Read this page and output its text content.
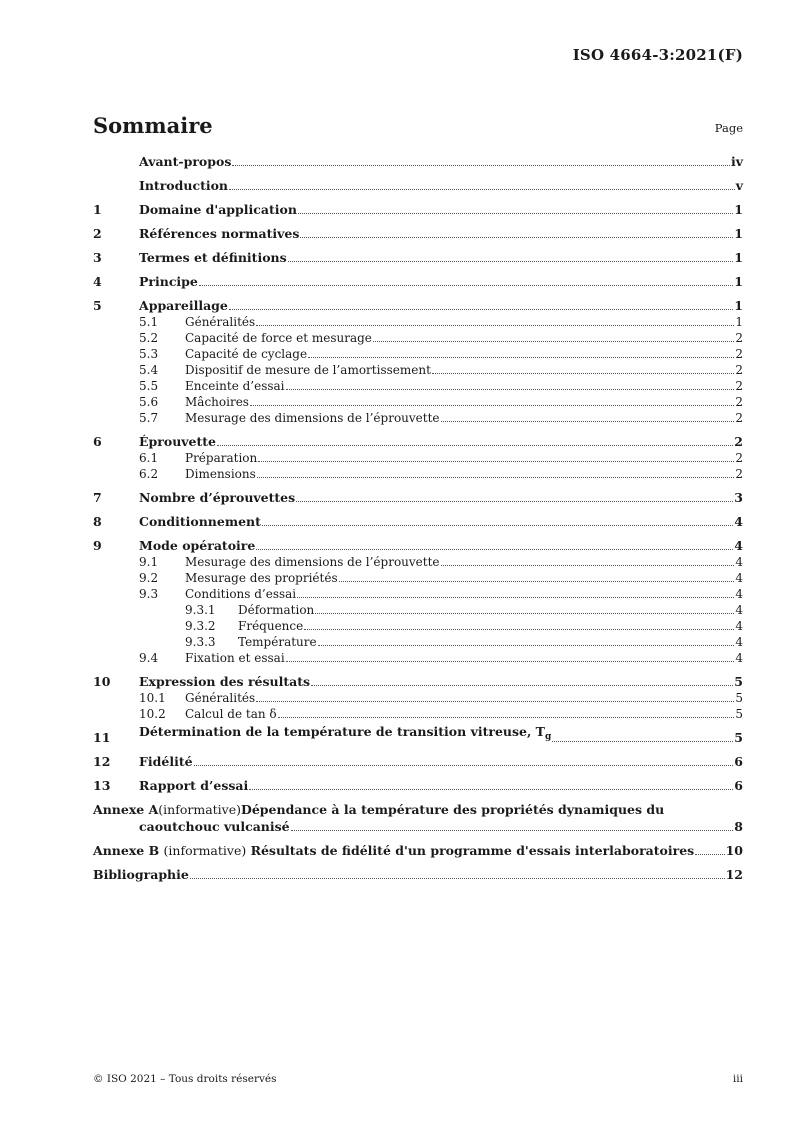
ISO 4664-3:2021(F)
Sommaire	Page
Avant-propos	iv
Introduction	v
1	Domaine d'application	1
2	Références normatives	1
3	Termes et définitions	1
4	Principe	1
5	Appareillage	1
5.1	Généralités	1
5.2	Capacité de force et mesurage	2
5.3	Capacité de cyclage	2
5.4	Dispositif de mesure de l’amortissement	2
5.5	Enceinte d’essai	2
5.6	Mâchoires	2
5.7	Mesurage des dimensions de l’éprouvette	2
6	Éprouvette	2
6.1	Préparation	2
6.2	Dimensions	2
7	Nombre d’éprouvettes	3
8	Conditionnement	4
9	Mode opératoire	4
9.1	Mesurage des dimensions de l’éprouvette	4
9.2	Mesurage des propriétés	4
9.3	Conditions d’essai	4
9.3.1	Déformation	4
9.3.2	Fréquence	4
9.3.3	Température	4
9.4	Fixation et essai	4
10	Expression des résultats	5
10.1	Généralités	5
10.2	Calcul de tan δ	5
11	Détermination de la température de transition vitreuse, $T_g$	5
12	Fidélité	6
13	Rapport d’essai	6
Annexe A (informative) Dépendance à la température des propriétés dynamiques du
caoutchouc vulcanisé	8
Annexe B
(informative)
Résultats de fidélité d'un programme d'essais interlaboratoires	10
Bibliographie	12
© ISO 2021 – Tous droits réservés	iii
